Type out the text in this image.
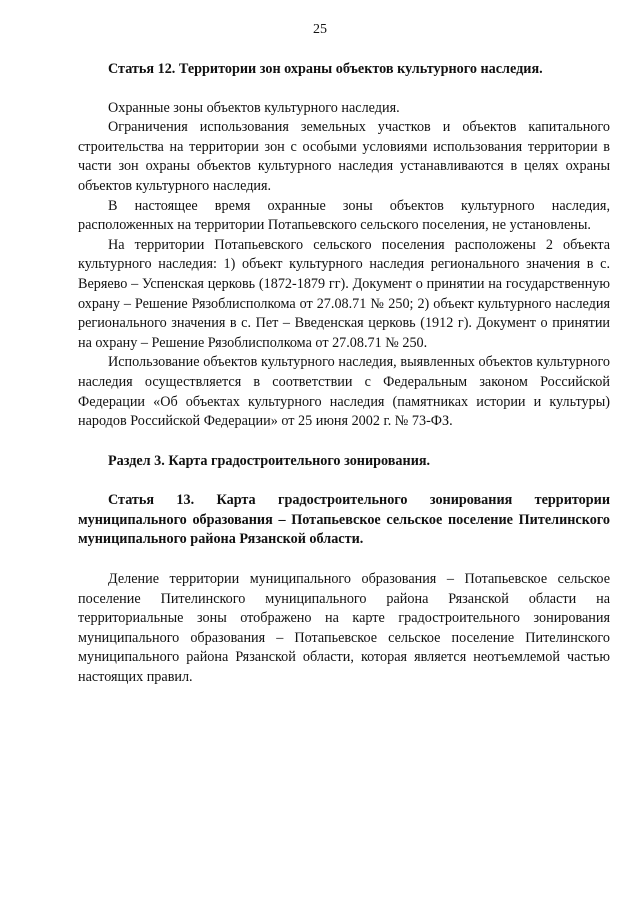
25

Статья 12. Территории зон охраны объектов культурного наследия.

Охранные зоны объектов культурного наследия.

Ограничения использования земельных участков и объектов капитального строительства на территории зон с особыми условиями использования территории в части зон охраны объектов культурного наследия устанавливаются в целях охраны объектов культурного наследия.

В настоящее время охранные зоны объектов культурного наследия, расположенных на территории Потапьевского сельского поселения, не установлены.

На территории Потапьевского сельского поселения расположены 2 объекта культурного наследия: 1) объект культурного наследия регионального значения в с. Веряево – Успенская церковь (1872-1879 гг). Документ о принятии на государственную охрану – Решение Рязоблисполкома от 27.08.71 № 250; 2) объект культурного наследия регионального значения в с. Пет – Введенская церковь (1912 г). Документ о принятии на охрану – Решение Рязоблисполкома от 27.08.71 № 250.

Использование объектов культурного наследия, выявленных объектов культурного наследия осуществляется в соответствии с Федеральным законом Российской Федерации «Об объектах культурного наследия (памятниках истории и культуры) народов Российской Федерации» от 25 июня 2002 г. № 73-ФЗ.

Раздел 3. Карта градостроительного зонирования.

Статья 13. Карта градостроительного зонирования территории муниципального образования – Потапьевское сельское поселение Пителинского муниципального района Рязанской области.

Деление территории муниципального образования – Потапьевское сельское поселение Пителинского муниципального района Рязанской области на территориальные зоны отображено на карте градостроительного зонирования муниципального образования – Потапьевское сельское поселение Пителинского муниципального района Рязанской области, которая является неотъемлемой частью настоящих правил.
